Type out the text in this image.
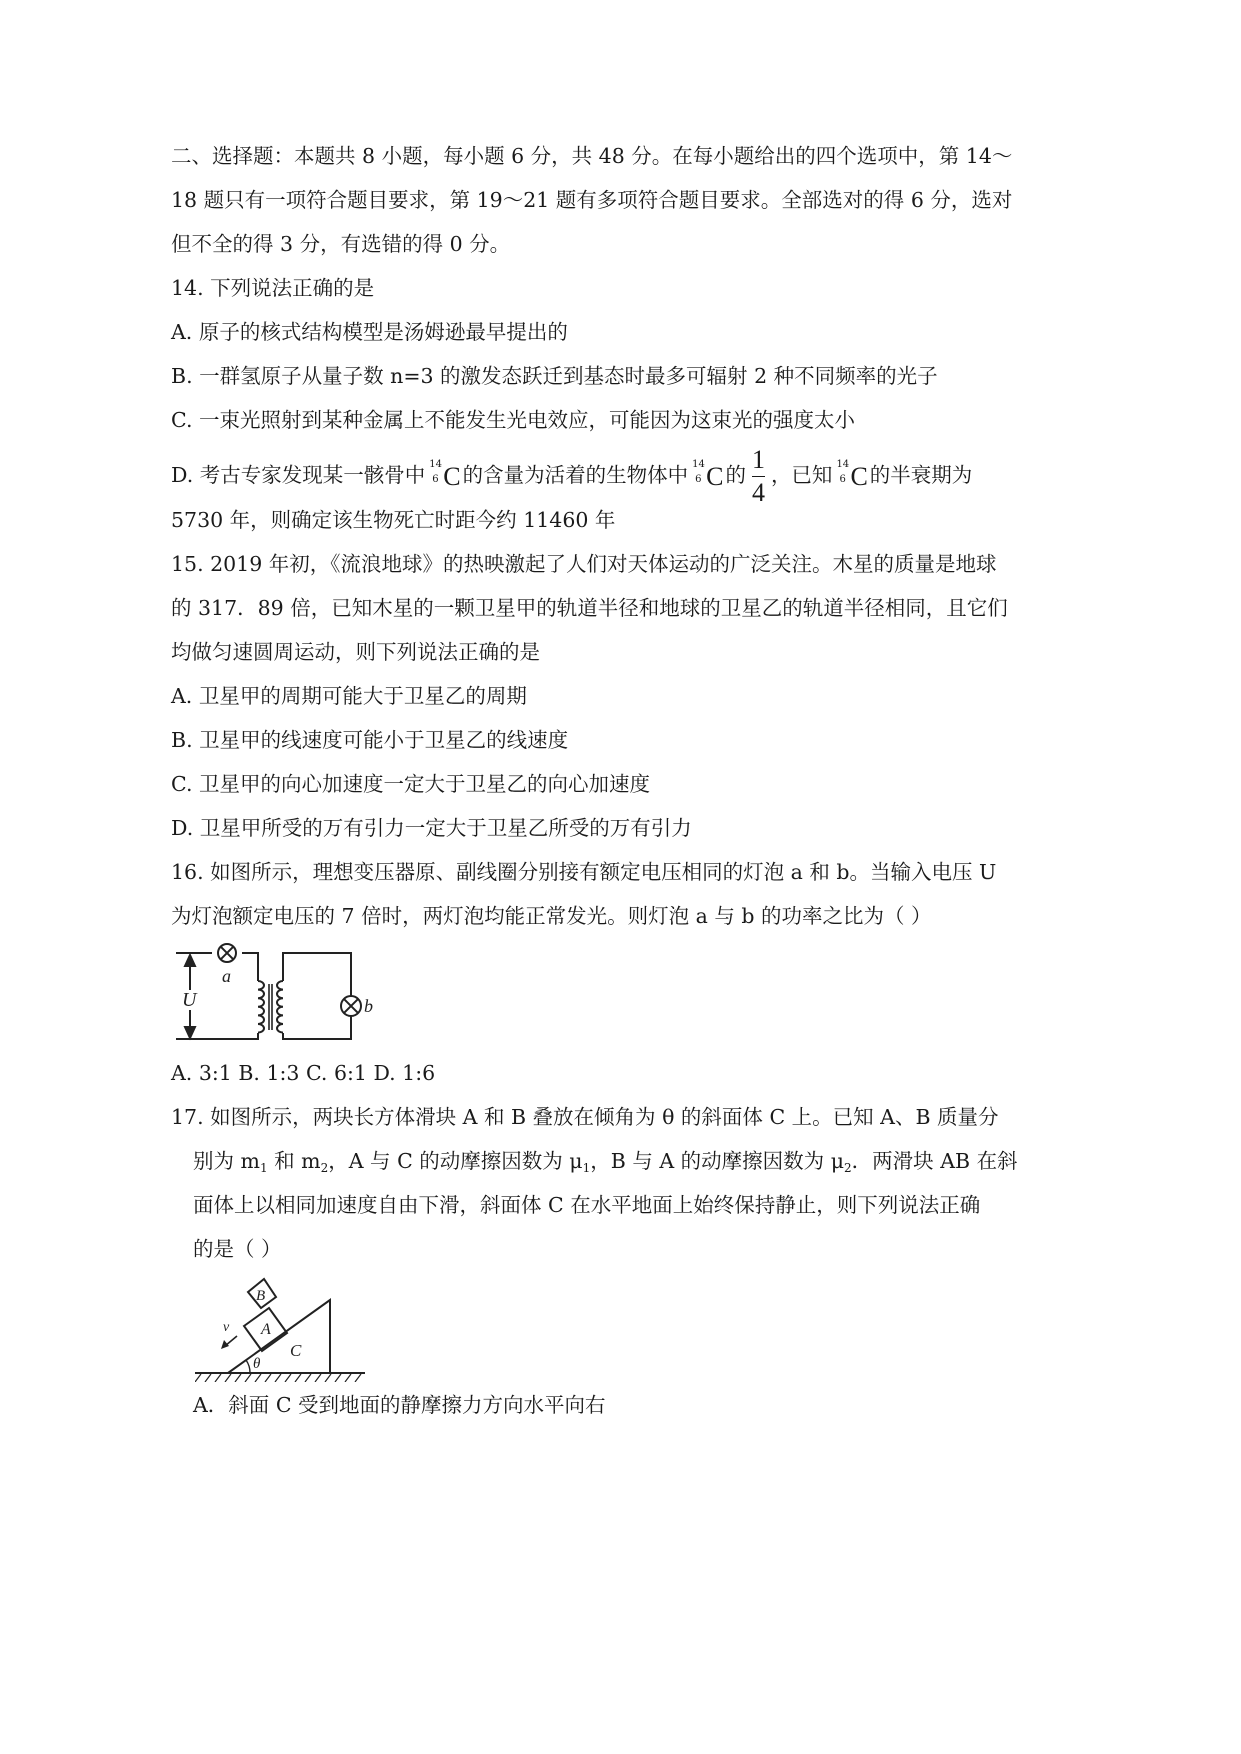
二、选择题：本题共 8 小题，每小题 6 分，共 48 分。在每小题给出的四个选项中，第 14～
18 题只有一项符合题目要求，第 19～21 题有多项符合题目要求。全部选对的得 6 分，选对
但不全的得 3 分，有选错的得 0 分。
14. 下列说法正确的是
A. 原子的核式结构模型是汤姆逊最早提出的
B. 一群氢原子从量子数 n=3 的激发态跃迁到基态时最多可辐射 2 种不同频率的光子
C. 一束光照射到某种金属上不能发生光电效应，可能因为这束光的强度太小
D. 考古专家发现某一骸骨中 14
6 C的含量为活着的生物体中 14
6 C的 $\frac{1}{4}$ ，已知 14
6 C的半衰期为
5730 年，则确定该生物死亡时距今约 11460 年
15. 2019 年初，《流浪地球》的热映激起了人们对天体运动的广泛关注。木星的质量是地球
的 317．89 倍，已知木星的一颗卫星甲的轨道半径和地球的卫星乙的轨道半径相同，且它们
均做匀速圆周运动，则下列说法正确的是
A. 卫星甲的周期可能大于卫星乙的周期
B. 卫星甲的线速度可能小于卫星乙的线速度
C. 卫星甲的向心加速度一定大于卫星乙的向心加速度
D. 卫星甲所受的万有引力一定大于卫星乙所受的万有引力
16. 如图所示，理想变压器原、副线圈分别接有额定电压相同的灯泡 a 和 b。当输入电压 U
为灯泡额定电压的 7 倍时，两灯泡均能正常发光。则灯泡 a 与 b 的功率之比为（ ）
U
a
b
A. 3:1 B. 1:3 C. 6:1 D. 1:6
17. 如图所示，两块长方体滑块 A 和 B 叠放在倾角为 θ 的斜面体 C 上。已知 A、B 质量分
别为 $m_1$ 和 $m_2$，A 与 C 的动摩擦因数为 $\mu_1$，B 与 A 的动摩擦因数为 $\mu_2$．两滑块 AB 在斜
面体上以相同加速度自由下滑，斜面体 C 在水平地面上始终保持静止，则下列说法正确
的是（ ）
B
A
C
v
θ
A．斜面 C 受到地面的静摩擦力方向水平向右
